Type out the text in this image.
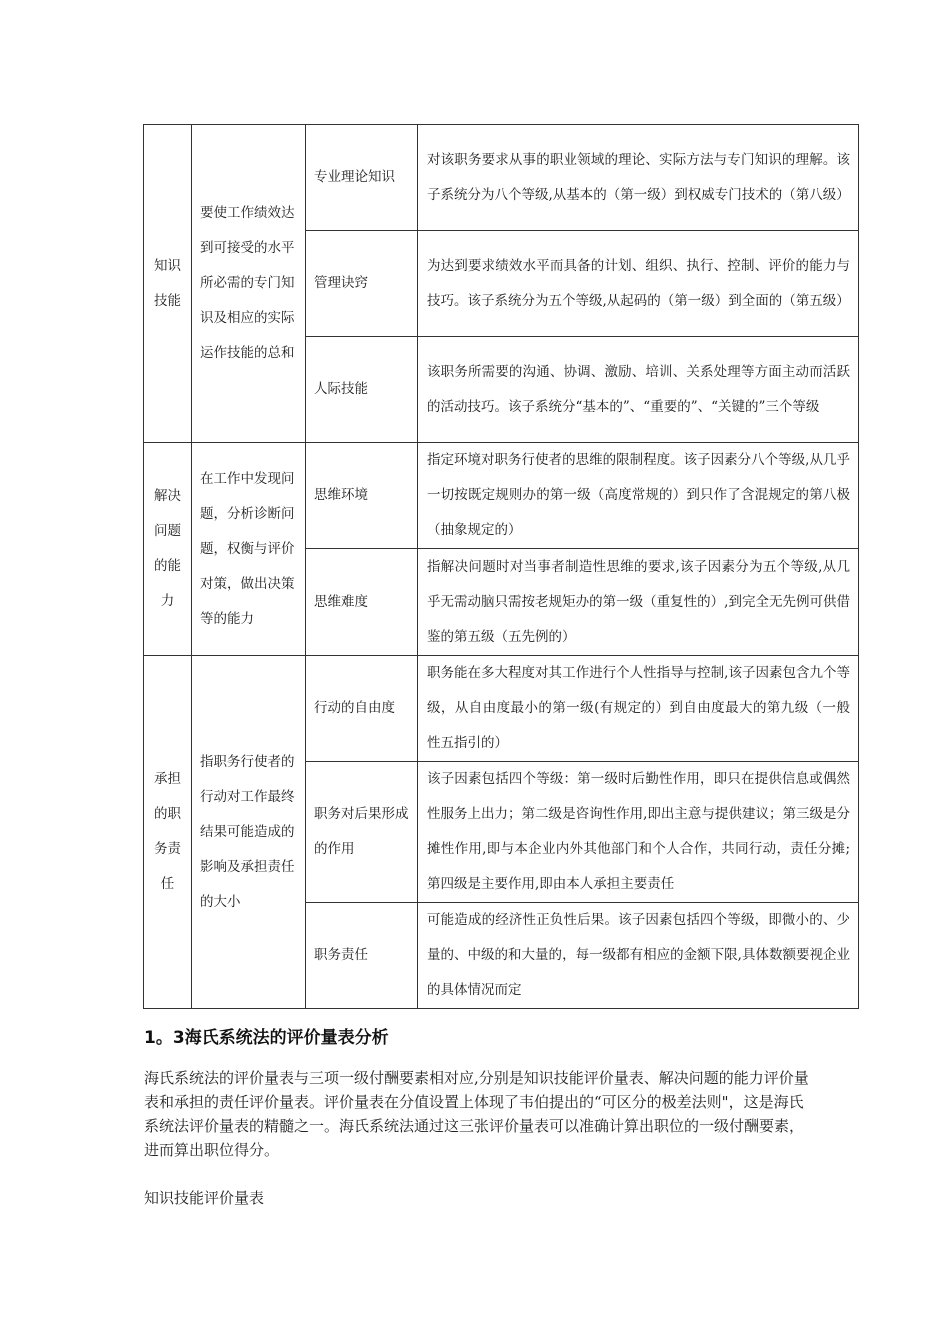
知识技能	要使工作绩效达到可接受的水平所必需的专门知识及相应的实际运作技能的总和	专业理论知识	对该职务要求从事的职业领域的理论、实际方法与专门知识的理解。该子系统分为八个等级,从基本的（第一级）到权威专门技术的（第八级）

		管理诀窍	为达到要求绩效水平而具备的计划、组织、执行、控制、评价的能力与技巧。该子系统分为五个等级,从起码的（第一级）到全面的（第五级）

		人际技能	该职务所需要的沟通、协调、激励、培训、关系处理等方面主动而活跃的活动技巧。该子系统分“基本的”、“重要的”、“关键的”三个等级

解决问题的能力	在工作中发现问题，分析诊断问题，权衡与评价对策，做出决策等的能力	思维环境	指定环境对职务行使者的思维的限制程度。该子因素分八个等级,从几乎一切按既定规则办的第一级（高度常规的）到只作了含混规定的第八极（抽象规定的）

		思维难度	指解决问题时对当事者制造性思维的要求,该子因素分为五个等级,从几乎无需动脑只需按老规矩办的第一级（重复性的）,到完全无先例可供借鉴的第五级（五先例的）

承担的职务责任	指职务行使者的行动对工作最终结果可能造成的影响及承担责任的大小	行动的自由度	职务能在多大程度对其工作进行个人性指导与控制,该子因素包含九个等级，从自由度最小的第一级(有规定的）到自由度最大的第九级（一般性五指引的）

		职务对后果形成的作用	该子因素包括四个等级：第一级时后勤性作用，即只在提供信息或偶然性服务上出力；第二级是咨询性作用,即出主意与提供建议；第三级是分摊性作用,即与本企业内外其他部门和个人合作，共同行动，责任分摊;第四级是主要作用,即由本人承担主要责任

		职务责任	可能造成的经济性正负性后果。该子因素包括四个等级，即微小的、少量的、中级的和大量的，每一级都有相应的金额下限,具体数额要视企业的具体情况而定
1。3海氏系统法的评价量表分析

海氏系统法的评价量表与三项一级付酬要素相对应,分别是知识技能评价量表、解决问题的能力评价量表和承担的责任评价量表。评价量表在分值设置上体现了韦伯提出的“可区分的极差法则"，这是海氏系统法评价量表的精髓之一。海氏系统法通过这三张评价量表可以准确计算出职位的一级付酬要素，进而算出职位得分。

知识技能评价量表
